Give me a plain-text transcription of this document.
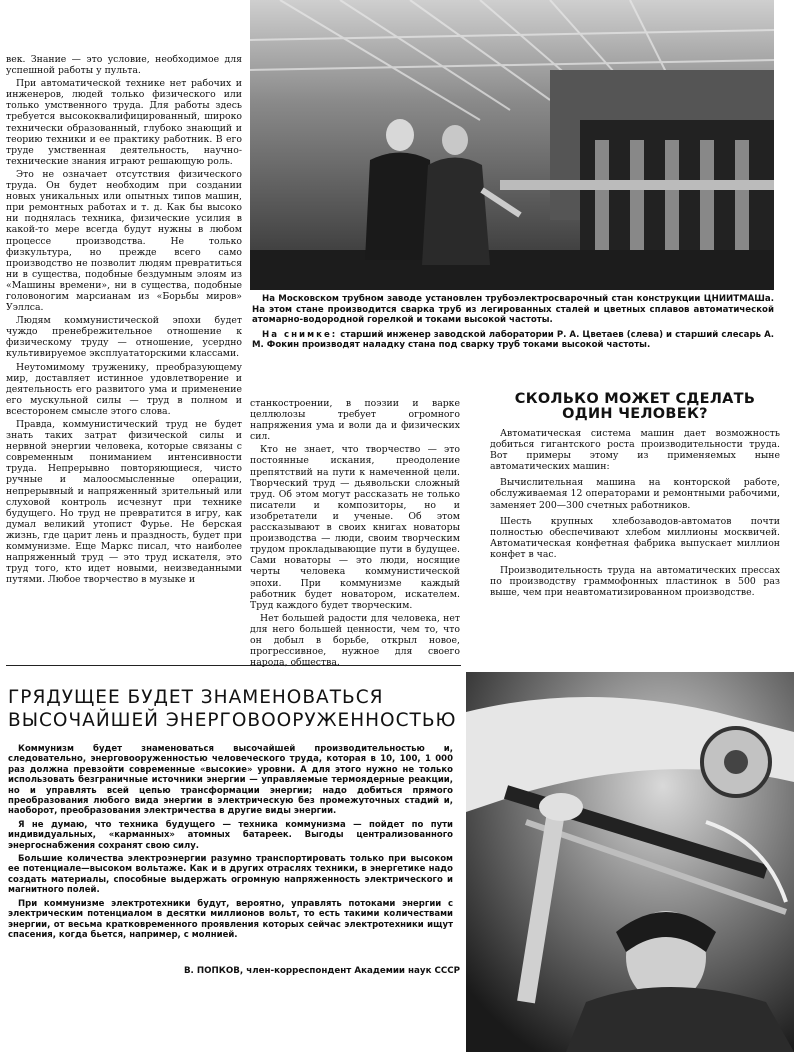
На Московском трубном заводе установлен трубоэлектросварочный стан конструкции ЦНИИТМАШа. На этом стане производится сварка труб из легированных сталей и цветных сплавов автоматической атомарно-водородной горелкой и токами высокой частоты.

На снимке: старший инженер заводской лаборатории Р. А. Цветаев (слева) и старший слесарь А. М. Фокин производят наладку стана под сварку труб токами высокой частоты.

век. Знание — это условие, необходимое для успешной работы у пульта.

При автоматической технике нет рабочих и инженеров, людей только физического или только умственного труда. Для работы здесь требуется высококвалифицированный, широко технически образованный, глубоко знающий и теорию техники и ее практику работник. В его труде умственная деятельность, научно-технические знания играют решающую роль.

Это не означает отсутствия физического труда. Он будет необходим при создании новых уникальных или опытных типов машин, при ремонтных работах и т. д. Как бы высоко ни поднялась техника, физические усилия в какой-то мере всегда будут нужны в любом процессе производства. Не только физкультура, но прежде всего само производство не позволит людям превратиться ни в существа, подобные бездумным элоям из «Машины времени», ни в существа, подобные головоногим марсианам из «Борьбы миров» Уэллса.

Людям коммунистической эпохи будет чуждо пренебрежительное отношение к физическому труду — отношение, усердно культивируемое эксплуататорскими классами.

Неутомимому труженику, преобразующему мир, доставляет истинное удовлетворение и деятельность его развитого ума и применение его мускульной силы — труд в полном и всесторонем смысле этого слова.

Правда, коммунистический труд не будет знать таких затрат физической силы и нервной энергии человека, которые связаны с современным пониманием интенсивности труда. Непрерывно повторяющиеся, чисто ручные и малоосмысленные операции, непрерывный и напряженный зрительный или слуховой контроль исчезнут при технике будущего. Но труд не превратится в игру, как думал великий утопист Фурье. Не берская жизнь, где царит лень и праздность, будет при коммунизме. Еще Маркс писал, что наиболее напряженный труд — это труд искателя, это труд того, кто идет новыми, неизведанными путями. Любое творчество в музыке и

станкостроении, в поэзии и варке целлюлозы требует огромного напряжения ума и воли да и физических сил.

Кто не знает, что творчество — это постоянные искания, преодоление препятствий на пути к намеченной цели. Творческий труд — дьявольски сложный труд. Об этом могут рассказать не только писатели и композиторы, но и изобретатели и ученые. Об этом рассказывают в своих книгах новаторы производства — люди, своим творческим трудом прокладывающие пути в будущее. Сами новаторы — это люди, носящие черты человека коммунистической эпохи. При коммунизме каждый работник будет новатором, искателем. Труд каждого будет творческим.

Нет большей радости для человека, нет для него большей ценности, чем то, что он добыл в борьбе, открыл новое, прогрессивное, нужное для своего народа, общества.

СКОЛЬКО МОЖЕТ СДЕЛАТЬ ОДИН ЧЕЛОВЕК?

Автоматическая система машин дает возможность добиться гигантского роста производительности труда. Вот примеры этому из применяемых ныне автоматических машин:

Вычислительная машина на конторской работе, обслуживаемая 12 операторами и ремонтными рабочими, заменяет 200—300 счетных работников.

Шесть крупных хлебозаводов-автоматов почти полностью обеспечивают хлебом миллионы москвичей. Автоматическая конфетная фабрика выпускает миллион конфет в час.

Производительность труда на автоматических прессах по производству граммофонных пластинок в 500 раз выше, чем при неавтоматизированном производстве.

ГРЯДУЩЕЕ БУДЕТ ЗНАМЕНОВАТЬСЯ
ВЫСОЧАЙШЕЙ ЭНЕРГОВООРУЖЕННОСТЬЮ

Коммунизм будет знаменоваться высочайшей производительностью и, следовательно, энерговооруженностью человеческого труда, которая в 10, 100, 1 000 раз должна превзойти современные «высокие» уровни. А для этого нужно не только использовать безграничные источники энергии — управляемые термоядерные реакции, но и управлять всей цепью трансформации энергии; надо добиться прямого преобразования любого вида энергии в электрическую без промежуточных стадий и, наоборот, преобразования электричества в другие виды энергии.

Я не думаю, что техника будущего — техника коммунизма — пойдет по пути индивидуальных, «карманных» атомных батареек. Выгоды централизованного энергоснабжения сохранят свою силу.

Большие количества электроэнергии разумно транспортировать только при высоком ее потенциале—высоком вольтаже. Как и в других отраслях техники, в энергетике надо создать материалы, способные выдержать огромную напряженность электрического и магнитного полей.

При коммунизме электротехники будут, вероятно, управлять потоками энергии с электрическим потенциалом в десятки миллионов вольт, то есть такими количествами энергии, от весьма кратковременного проявления которых сейчас электротехники ищут спасения, когда бьется, например, с молнией.

В. ПОПКОВ, член-корреспондент Академии наук СССР
